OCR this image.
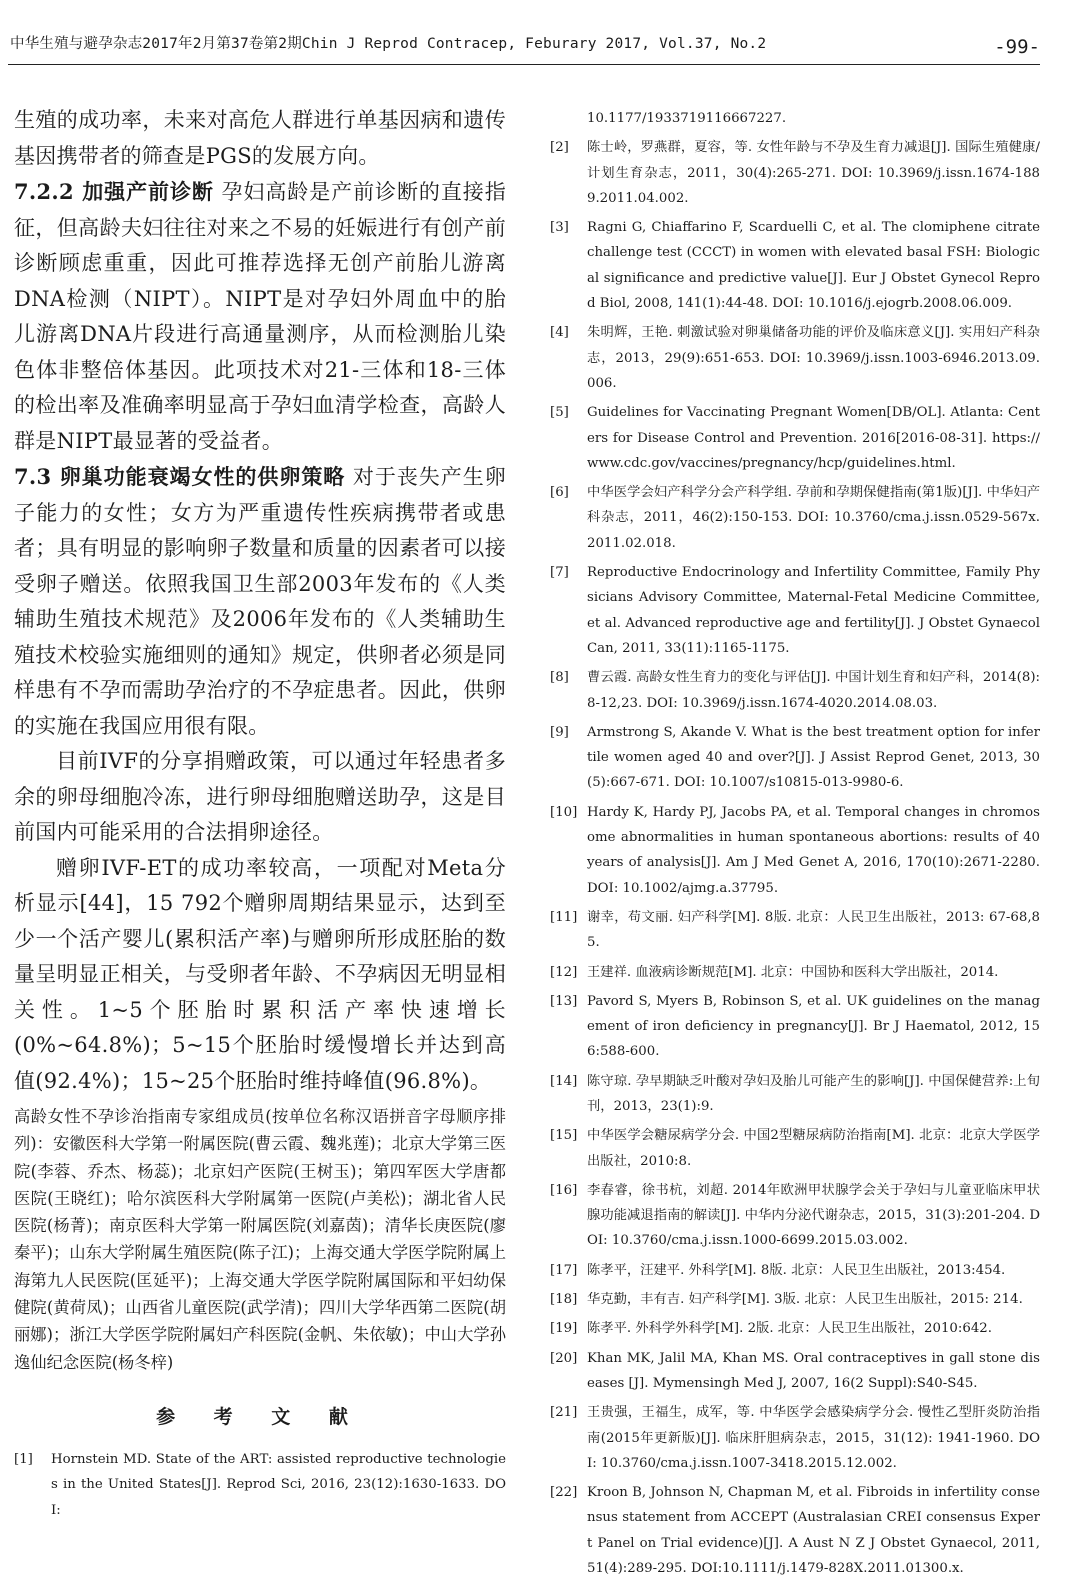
中华生殖与避孕杂志2017年2月第37卷第2期Chin J Reprod Contracep, Feburary 2017, Vol.37, No.2	-99-

生殖的成功率，未来对高危人群进行单基因病和遗传基因携带者的筛查是PGS的发展方向。

7.2.2 加强产前诊断 孕妇高龄是产前诊断的直接指征，但高龄夫妇往往对来之不易的妊娠进行有创产前诊断顾虑重重，因此可推荐选择无创产前胎儿游离DNA检测（NIPT）。NIPT是对孕妇外周血中的胎儿游离DNA片段进行高通量测序，从而检测胎儿染色体非整倍体基因。此项技术对21-三体和18-三体的检出率及准确率明显高于孕妇血清学检查，高龄人群是NIPT最显著的受益者。

7.3 卵巢功能衰竭女性的供卵策略 对于丧失产生卵子能力的女性；女方为严重遗传性疾病携带者或患者；具有明显的影响卵子数量和质量的因素者可以接受卵子赠送。依照我国卫生部2003年发布的《人类辅助生殖技术规范》及2006年发布的《人类辅助生殖技术校验实施细则的通知》规定，供卵者必须是同样患有不孕而需助孕治疗的不孕症患者。因此，供卵的实施在我国应用很有限。

目前IVF的分享捐赠政策，可以通过年轻患者多余的卵母细胞冷冻，进行卵母细胞赠送助孕，这是目前国内可能采用的合法捐卵途径。

赠卵IVF-ET的成功率较高，一项配对Meta分析显示[44]，15 792个赠卵周期结果显示，达到至少一个活产婴儿(累积活产率)与赠卵所形成胚胎的数量呈明显正相关，与受卵者年龄、不孕病因无明显相关性。1~5个胚胎时累积活产率快速增长(0%~64.8%)；5~15个胚胎时缓慢增长并达到高值(92.4%)；15~25个胚胎时维持峰值(96.8%)。

高龄女性不孕诊治指南专家组成员(按单位名称汉语拼音字母顺序排列)：安徽医科大学第一附属医院(曹云霞、魏兆莲)；北京大学第三医院(李蓉、乔杰、杨蕊)；北京妇产医院(王树玉)；第四军医大学唐都医院(王晓红)；哈尔滨医科大学附属第一医院(卢美松)；湖北省人民医院(杨菁)；南京医科大学第一附属医院(刘嘉茵)；清华长庚医院(廖秦平)；山东大学附属生殖医院(陈子江)；上海交通大学医学院附属上海第九人民医院(匡延平)；上海交通大学医学院附属国际和平妇幼保健院(黄荷凤)；山西省儿童医院(武学清)；四川大学华西第二医院(胡丽娜)；浙江大学医学院附属妇产科医院(金帆、朱依敏)；中山大学孙逸仙纪念医院(杨冬梓)

参 考 文 献
[1] Hornstein MD. State of the ART: assisted reproductive technologies in the United States[J]. Reprod Sci, 2016, 23(12):1630-1633. DOI:
10.1177/1933719116667227.
[2] 陈士岭，罗燕群，夏容，等. 女性年龄与不孕及生育力减退[J]. 国际生殖健康/计划生育杂志，2011，30(4):265-271. DOI: 10.3969/j.issn.1674-1889.2011.04.002.
[3] Ragni G, Chiaffarino F, Scarduelli C, et al. The clomiphene citrate challenge test (CCCT) in women with elevated basal FSH: Biological significance and predictive value[J]. Eur J Obstet Gynecol Reprod Biol, 2008, 141(1):44-48. DOI: 10.1016/j.ejogrb.2008.06.009.
[4] 朱明辉，王艳. 刺激试验对卵巢储备功能的评价及临床意义[J]. 实用妇产科杂志，2013，29(9):651-653. DOI: 10.3969/j.issn.1003-6946.2013.09.006.
[5] Guidelines for Vaccinating Pregnant Women[DB/OL]. Atlanta: Centers for Disease Control and Prevention. 2016[2016-08-31]. https://www.cdc.gov/vaccines/pregnancy/hcp/guidelines.html.
[6] 中华医学会妇产科学分会产科学组. 孕前和孕期保健指南(第1版)[J]. 中华妇产科杂志，2011，46(2):150-153. DOI: 10.3760/cma.j.issn.0529-567x.2011.02.018.
[7] Reproductive Endocrinology and Infertility Committee, Family Physicians Advisory Committee, Maternal-Fetal Medicine Committee, et al. Advanced reproductive age and fertility[J]. J Obstet Gynaecol Can, 2011, 33(11):1165-1175.
[8] 曹云霞. 高龄女性生育力的变化与评估[J]. 中国计划生育和妇产科，2014(8):8-12,23. DOI: 10.3969/j.issn.1674-4020.2014.08.03.
[9] Armstrong S, Akande V. What is the best treatment option for infertile women aged 40 and over?[J]. J Assist Reprod Genet, 2013, 30(5):667-671. DOI: 10.1007/s10815-013-9980-6.
[10] Hardy K, Hardy PJ, Jacobs PA, et al. Temporal changes in chromosome abnormalities in human spontaneous abortions: results of 40 years of analysis[J]. Am J Med Genet A, 2016, 170(10):2671-2280. DOI: 10.1002/ajmg.a.37795.
[11] 谢幸，苟文丽. 妇产科学[M]. 8版. 北京：人民卫生出版社，2013: 67-68,85.
[12] 王建祥. 血液病诊断规范[M]. 北京：中国协和医科大学出版社，2014.
[13] Pavord S, Myers B, Robinson S, et al. UK guidelines on the management of iron deficiency in pregnancy[J]. Br J Haematol, 2012, 156:588-600.
[14] 陈守琼. 孕早期缺乏叶酸对孕妇及胎儿可能产生的影响[J]. 中国保健营养:上旬刊，2013，23(1):9.
[15] 中华医学会糖尿病学分会. 中国2型糖尿病防治指南[M]. 北京：北京大学医学出版社，2010:8.
[16] 李春睿，徐书杭，刘超. 2014年欧洲甲状腺学会关于孕妇与儿童亚临床甲状腺功能减退指南的解读[J]. 中华内分泌代谢杂志，2015，31(3):201-204. DOI: 10.3760/cma.j.issn.1000-6699.2015.03.002.
[17] 陈孝平，汪建平. 外科学[M]. 8版. 北京：人民卫生出版社，2013:454.
[18] 华克勤，丰有吉. 妇产科学[M]. 3版. 北京：人民卫生出版社，2015: 214.
[19] 陈孝平. 外科学外科学[M]. 2版. 北京：人民卫生出版社，2010:642.
[20] Khan MK, Jalil MA, Khan MS. Oral contraceptives in gall stone diseases [J]. Mymensingh Med J, 2007, 16(2 Suppl):S40-S45.
[21] 王贵强，王福生，成军，等. 中华医学会感染病学分会. 慢性乙型肝炎防治指南(2015年更新版)[J]. 临床肝胆病杂志，2015，31(12): 1941-1960. DOI: 10.3760/cma.j.issn.1007-3418.2015.12.002.
[22] Kroon B, Johnson N, Chapman M, et al. Fibroids in infertility consensus statement from ACCEPT (Australasian CREI consensus Expert Panel on Trial evidence)[J]. A Aust N Z J Obstet Gynaecol, 2011, 51(4):289-295. DOI:10.1111/j.1479-828X.2011.01300.x.
